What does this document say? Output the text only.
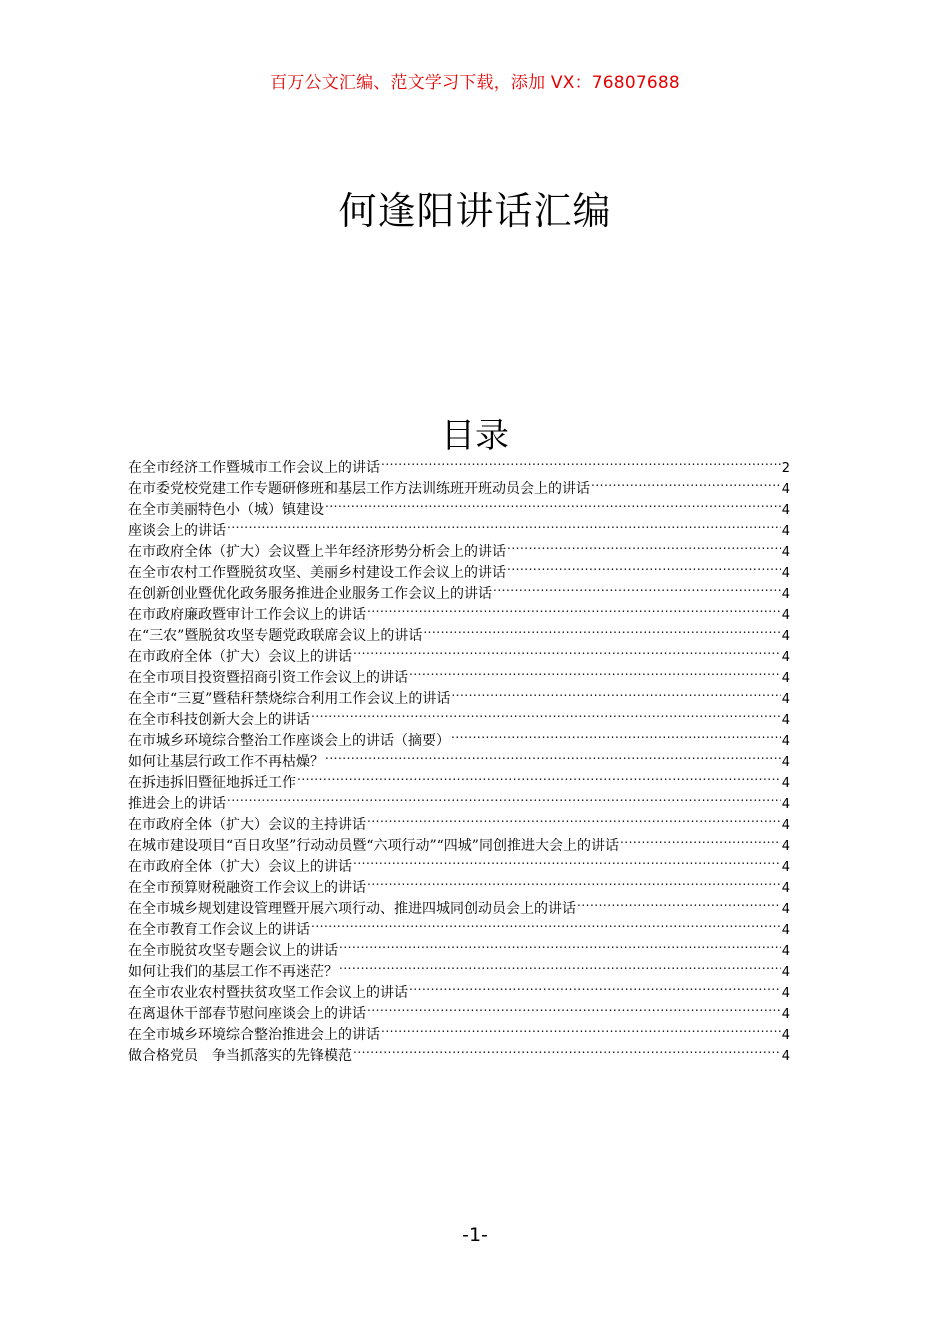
百万公文汇编、范文学习下载，添加 VX：76807688
何逢阳讲话汇编
目录
在全市经济工作暨城市工作会议上的讲话 .....	2
在市委党校党建工作专题研修班和基层工作方法训练班开班动员会上的讲话 .....	4
在全市美丽特色小（城）镇建设 .....	4
座谈会上的讲话 .....	4
在市政府全体（扩大）会议暨上半年经济形势分析会上的讲话 .....	4
在全市农村工作暨脱贫攻坚、美丽乡村建设工作会议上的讲话 .....	4
在创新创业暨优化政务服务推进企业服务工作会议上的讲话 .....	4
在市政府廉政暨审计工作会议上的讲话 .....	4
在“三农”暨脱贫攻坚专题党政联席会议上的讲话 .....	4
在市政府全体（扩大）会议上的讲话 .....	4
在全市项目投资暨招商引资工作会议上的讲话 .....	4
在全市“三夏”暨秸秆禁烧综合利用工作会议上的讲话 .....	4
在全市科技创新大会上的讲话 .....	4
在市城乡环境综合整治工作座谈会上的讲话（摘要） .....	4
如何让基层行政工作不再枯燥？ .....	4
在拆违拆旧暨征地拆迁工作 .....	4
推进会上的讲话 .....	4
在市政府全体（扩大）会议的主持讲话 .....	4
在城市建设项目“百日攻坚”行动动员暨“六项行动”“四城”同创推进大会上的讲话 .....	4
在市政府全体（扩大）会议上的讲话 .....	4
在全市预算财税融资工作会议上的讲话 .....	4
在全市城乡规划建设管理暨开展六项行动、推进四城同创动员会上的讲话 .....	4
在全市教育工作会议上的讲话 .....	4
在全市脱贫攻坚专题会议上的讲话 .....	4
如何让我们的基层工作不再迷茫？ .....	4
在全市农业农村暨扶贫攻坚工作会议上的讲话 .....	4
在离退休干部春节慰问座谈会上的讲话 .....	4
在全市城乡环境综合整治推进会上的讲话 .....	4
做合格党员　争当抓落实的先锋模范 .....	4
-1-
